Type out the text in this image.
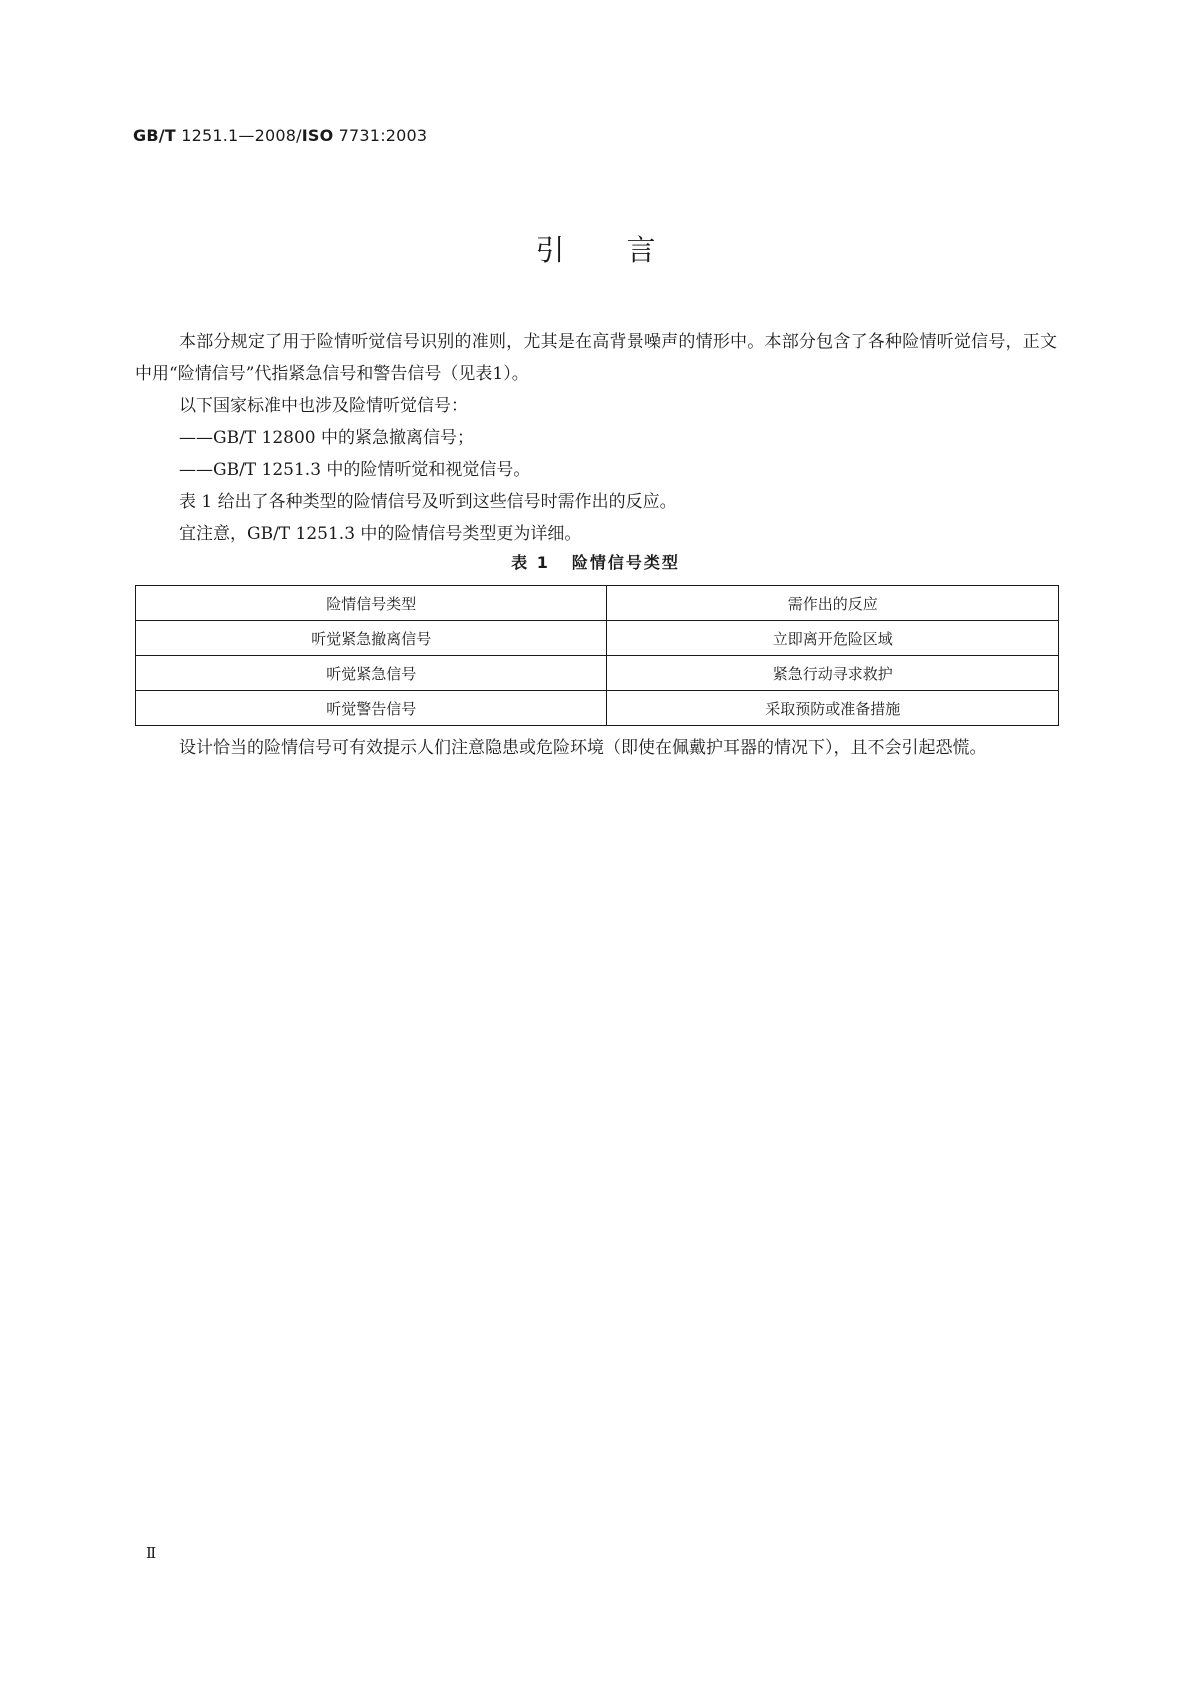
GB/T 1251.1—2008/ISO 7731:2003
引言
本部分规定了用于险情听觉信号识别的准则，尤其是在高背景噪声的情形中。本部分包含了各种险情听觉信号，正文中用“险情信号”代指紧急信号和警告信号（见表1）。
以下国家标准中也涉及险情听觉信号：
——GB/T 12800 中的紧急撤离信号；
——GB/T 1251.3 中的险情听觉和视觉信号。
表 1 给出了各种类型的险情信号及听到这些信号时需作出的反应。
宜注意，GB/T 1251.3 中的险情信号类型更为详细。
表 1 险情信号类型
险情信号类型	需作出的反应
听觉紧急撤离信号	立即离开危险区域
听觉紧急信号	紧急行动寻求救护
听觉警告信号	采取预防或准备措施
设计恰当的险情信号可有效提示人们注意隐患或危险环境（即使在佩戴护耳器的情况下），且不会引起恐慌。
Ⅱ
